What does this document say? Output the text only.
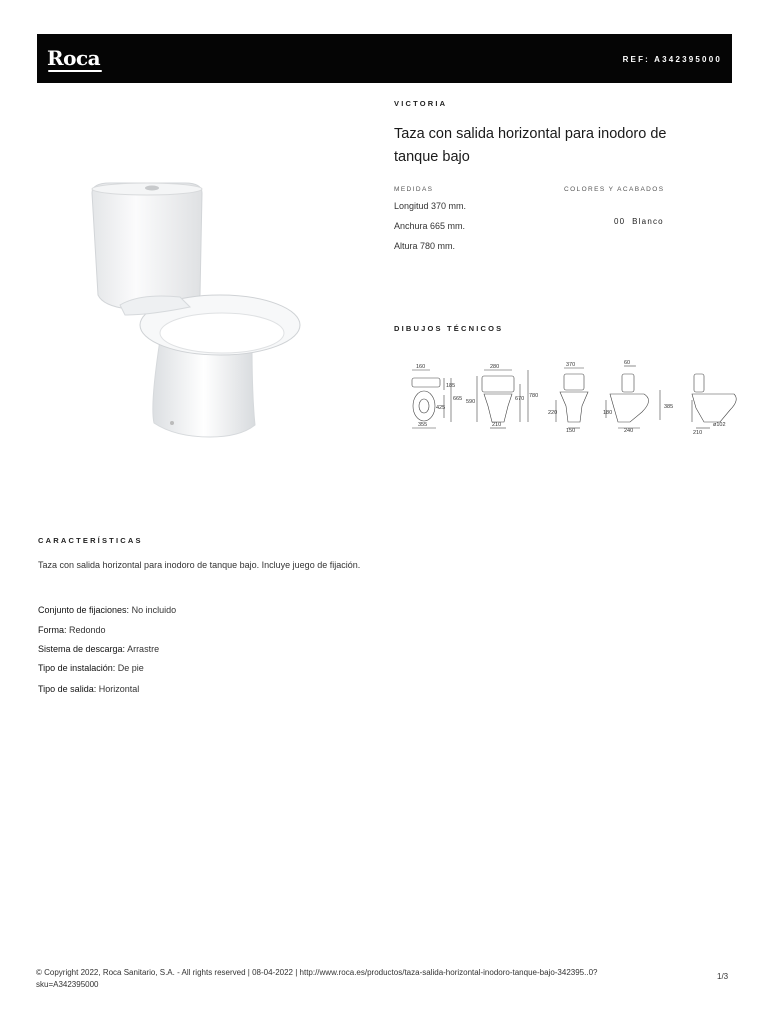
Roca	REF: A342395000
VICTORIA
Taza con salida horizontal para inodoro de tanque bajo
MEDIDAS	COLORES Y ACABADOS
Longitud 370 mm.
Anchura 665 mm.
Altura 780 mm.
00 Blanco
DIBUJOS TÉCNICOS
160
185
665
425
355
280
590	670 780
210
370
220
150
60
180
385
240	210
ø102
CARACTERÍSTICAS
Taza con salida horizontal para inodoro de tanque bajo. Incluye juego de fijación.
Conjunto de fijaciones: No incluido
Forma: Redondo
Sistema de descarga: Arrastre
Tipo de instalación: De pie
Tipo de salida: Horizontal
© Copyright 2022, Roca Sanitario, S.A. - All rights reserved | 08-04-2022 | http://www.roca.es/productos/taza-salida-horizontal-inodoro-tanque-bajo-342395..0?sku=A342395000
1/3
